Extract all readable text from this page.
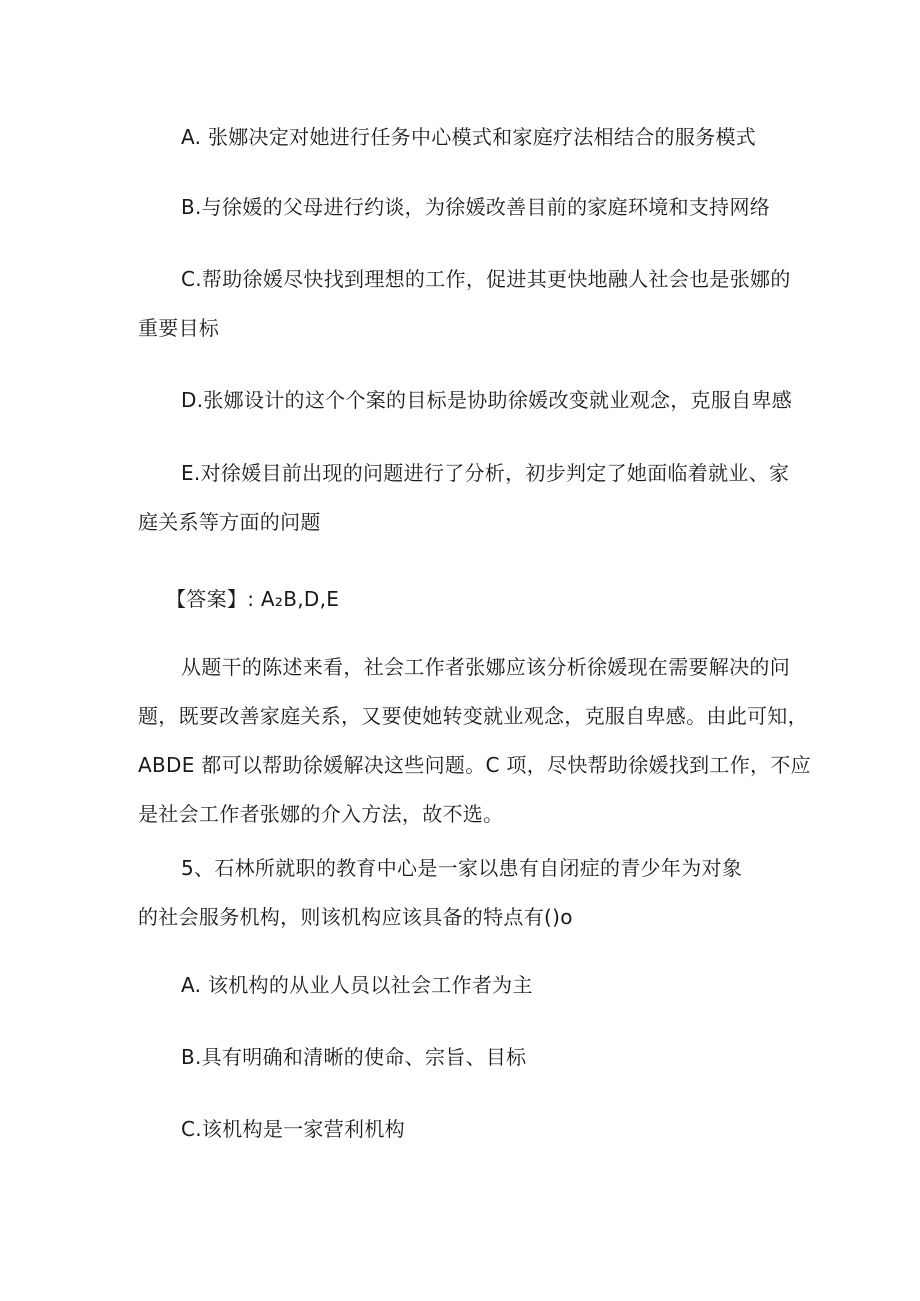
A. 张娜决定对她进行任务中心模式和家庭疗法相结合的服务模式
B.与徐媛的父母进行约谈，为徐媛改善目前的家庭环境和支持网络
C.帮助徐媛尽快找到理想的工作，促进其更快地融人社会也是张娜的
重要目标
D.张娜设计的这个个案的目标是协助徐媛改变就业观念，克服自卑感
E.对徐媛目前出现的问题进行了分析，初步判定了她面临着就业、家
庭关系等方面的问题
【答案】: A₂B,D,E
从题干的陈述来看，社会工作者张娜应该分析徐媛现在需要解决的问
题，既要改善家庭关系，又要使她转变就业观念，克服自卑感。由此可知，
ABDE 都可以帮助徐媛解决这些问题。C 项，尽快帮助徐媛找到工作，不应
是社会工作者张娜的介入方法，故不选。
5、石林所就职的教育中心是一家以患有自闭症的青少年为对象
的社会服务机构，则该机构应该具备的特点有()o
A. 该机构的从业人员以社会工作者为主
B.具有明确和清晰的使命、宗旨、目标
C.该机构是一家营利机构
